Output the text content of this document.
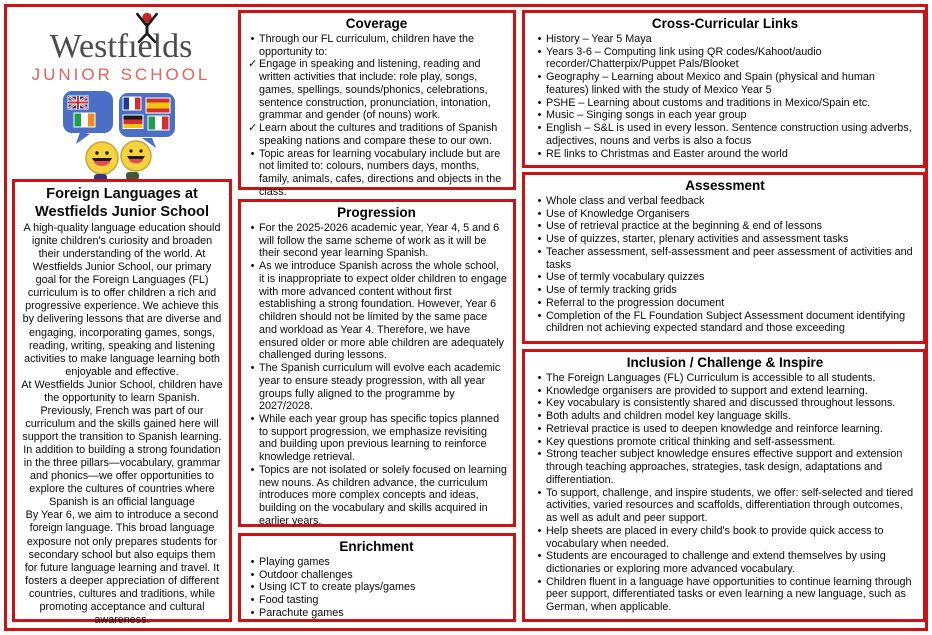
Westfıelds
JUNIOR SCHOOL
Foreign Languages at
Westfields Junior School

A high-quality language education should ignite children's curiosity and broaden their understanding of the world. At Westfields Junior School, our primary goal for the Foreign Languages (FL) curriculum is to offer children a rich and progressive experience. We achieve this by delivering lessons that are diverse and engaging, incorporating games, songs, reading, writing, speaking and listening activities to make language learning both enjoyable and effective.

At Westfields Junior School, children have the opportunity to learn Spanish. Previously, French was part of our curriculum and the skills gained here will support the transition to Spanish learning. In addition to building a strong foundation in the three pillars—vocabulary, grammar and phonics—we offer opportunities to explore the cultures of countries where Spanish is an official language

By Year 6, we aim to introduce a second foreign language. This broad language exposure not only prepares students for secondary school but also equips them for future language learning and travel. It fosters a deeper appreciation of different countries, cultures and traditions, while promoting acceptance and cultural awareness.

Coverage
• Through our FL curriculum, children have the opportunity to:
✓ Engage in speaking and listening, reading and written activities that include: role play, songs, games, spellings, sounds/phonics, celebrations, sentence construction, pronunciation, intonation, grammar and gender (of nouns) work.
✓ Learn about the cultures and traditions of Spanish speaking nations and compare these to our own.
• Topic areas for learning vocabulary include but are not limited to: colours, numbers days, months, family, animals, cafes, directions and objects in the class.
Progression
• For the 2025-2026 academic year, Year 4, 5 and 6 will follow the same scheme of work as it will be their second year learning Spanish.
• As we introduce Spanish across the whole school, it is inappropriate to expect older children to engage with more advanced content without first establishing a strong foundation. However, Year 6 children should not be limited by the same pace and workload as Year 4. Therefore, we have ensured older or more able children are adequately challenged during lessons.
• The Spanish curriculum will evolve each academic year to ensure steady progression, with all year groups fully aligned to the programme by 2027/2028.
• While each year group has specific topics planned to support progression, we emphasize revisiting and building upon previous learning to reinforce knowledge retrieval.
• Topics are not isolated or solely focused on learning new nouns. As children advance, the curriculum introduces more complex concepts and ideas, building on the vocabulary and skills acquired in earlier years.
Enrichment
• Playing games
• Outdoor challenges
• Using ICT to create plays/games
• Food tasting
• Parachute games
Cross-Curricular Links
• History – Year 5 Maya
• Years 3-6 – Computing link using QR codes/Kahoot/audio recorder/Chatterpix/Puppet Pals/Blooket
• Geography – Learning about Mexico and Spain (physical and human features) linked with the study of Mexico Year 5
• PSHE – Learning about customs and traditions in Mexico/Spain etc.
• Music – Singing songs in each year group
• English – S&L is used in every lesson. Sentence construction using adverbs, adjectives, nouns and verbs is also a focus
• RE links to Christmas and Easter around the world
Assessment
• Whole class and verbal feedback
• Use of Knowledge Organisers
• Use of retrieval practice at the beginning & end of lessons
• Use of quizzes, starter, plenary activities and assessment tasks
• Teacher assessment, self-assessment and peer assessment of activities and tasks
• Use of termly vocabulary quizzes
• Use of termly tracking grids
• Referral to the progression document
• Completion of the FL Foundation Subject Assessment document identifying children not achieving expected standard and those exceeding
Inclusion / Challenge & Inspire
• The Foreign Languages (FL) Curriculum is accessible to all students.
• Knowledge organisers are provided to support and extend learning.
• Key vocabulary is consistently shared and discussed throughout lessons.
• Both adults and children model key language skills.
• Retrieval practice is used to deepen knowledge and reinforce learning.
• Key questions promote critical thinking and self-assessment.
• Strong teacher subject knowledge ensures effective support and extension through teaching approaches, strategies, task design, adaptations and differentiation.
• To support, challenge, and inspire students, we offer: self-selected and tiered activities, varied resources and scaffolds, differentiation through outcomes, as well as adult and peer support.
• Help sheets are placed in every child's book to provide quick access to vocabulary when needed.
• Students are encouraged to challenge and extend themselves by using dictionaries or exploring more advanced vocabulary.
• Children fluent in a language have opportunities to continue learning through peer support, differentiated tasks or even learning a new language, such as German, when applicable.
